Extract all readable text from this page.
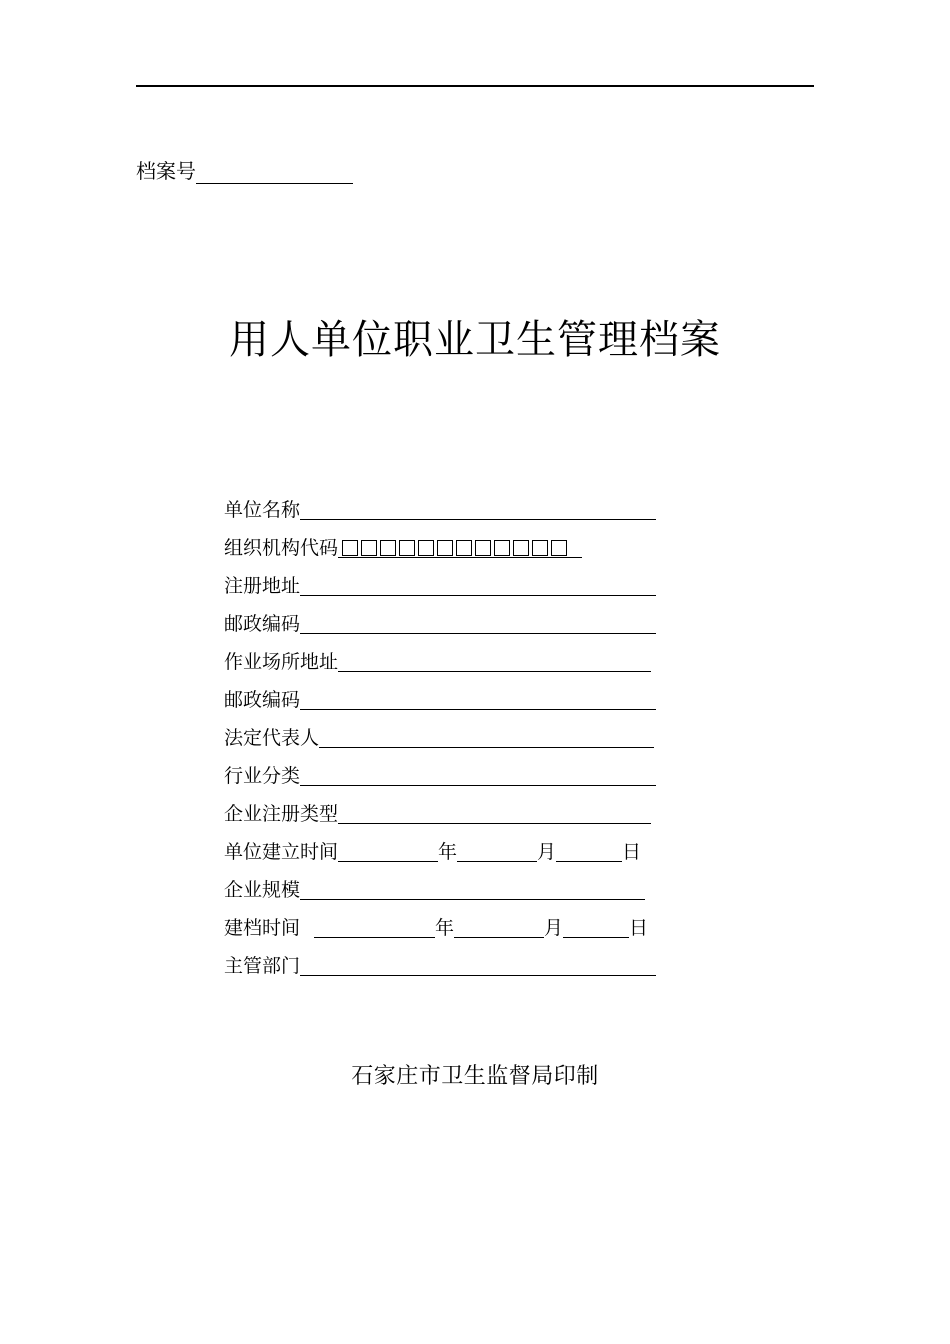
档案号
用人单位职业卫生管理档案
单位名称
组织机构代码
注册地址
邮政编码
作业场所地址
邮政编码
法定代表人
行业分类
企业注册类型
单位建立时间	年	月	日
企业规模
建档时间	年	月	日
主管部门
石家庄市卫生监督局印制
